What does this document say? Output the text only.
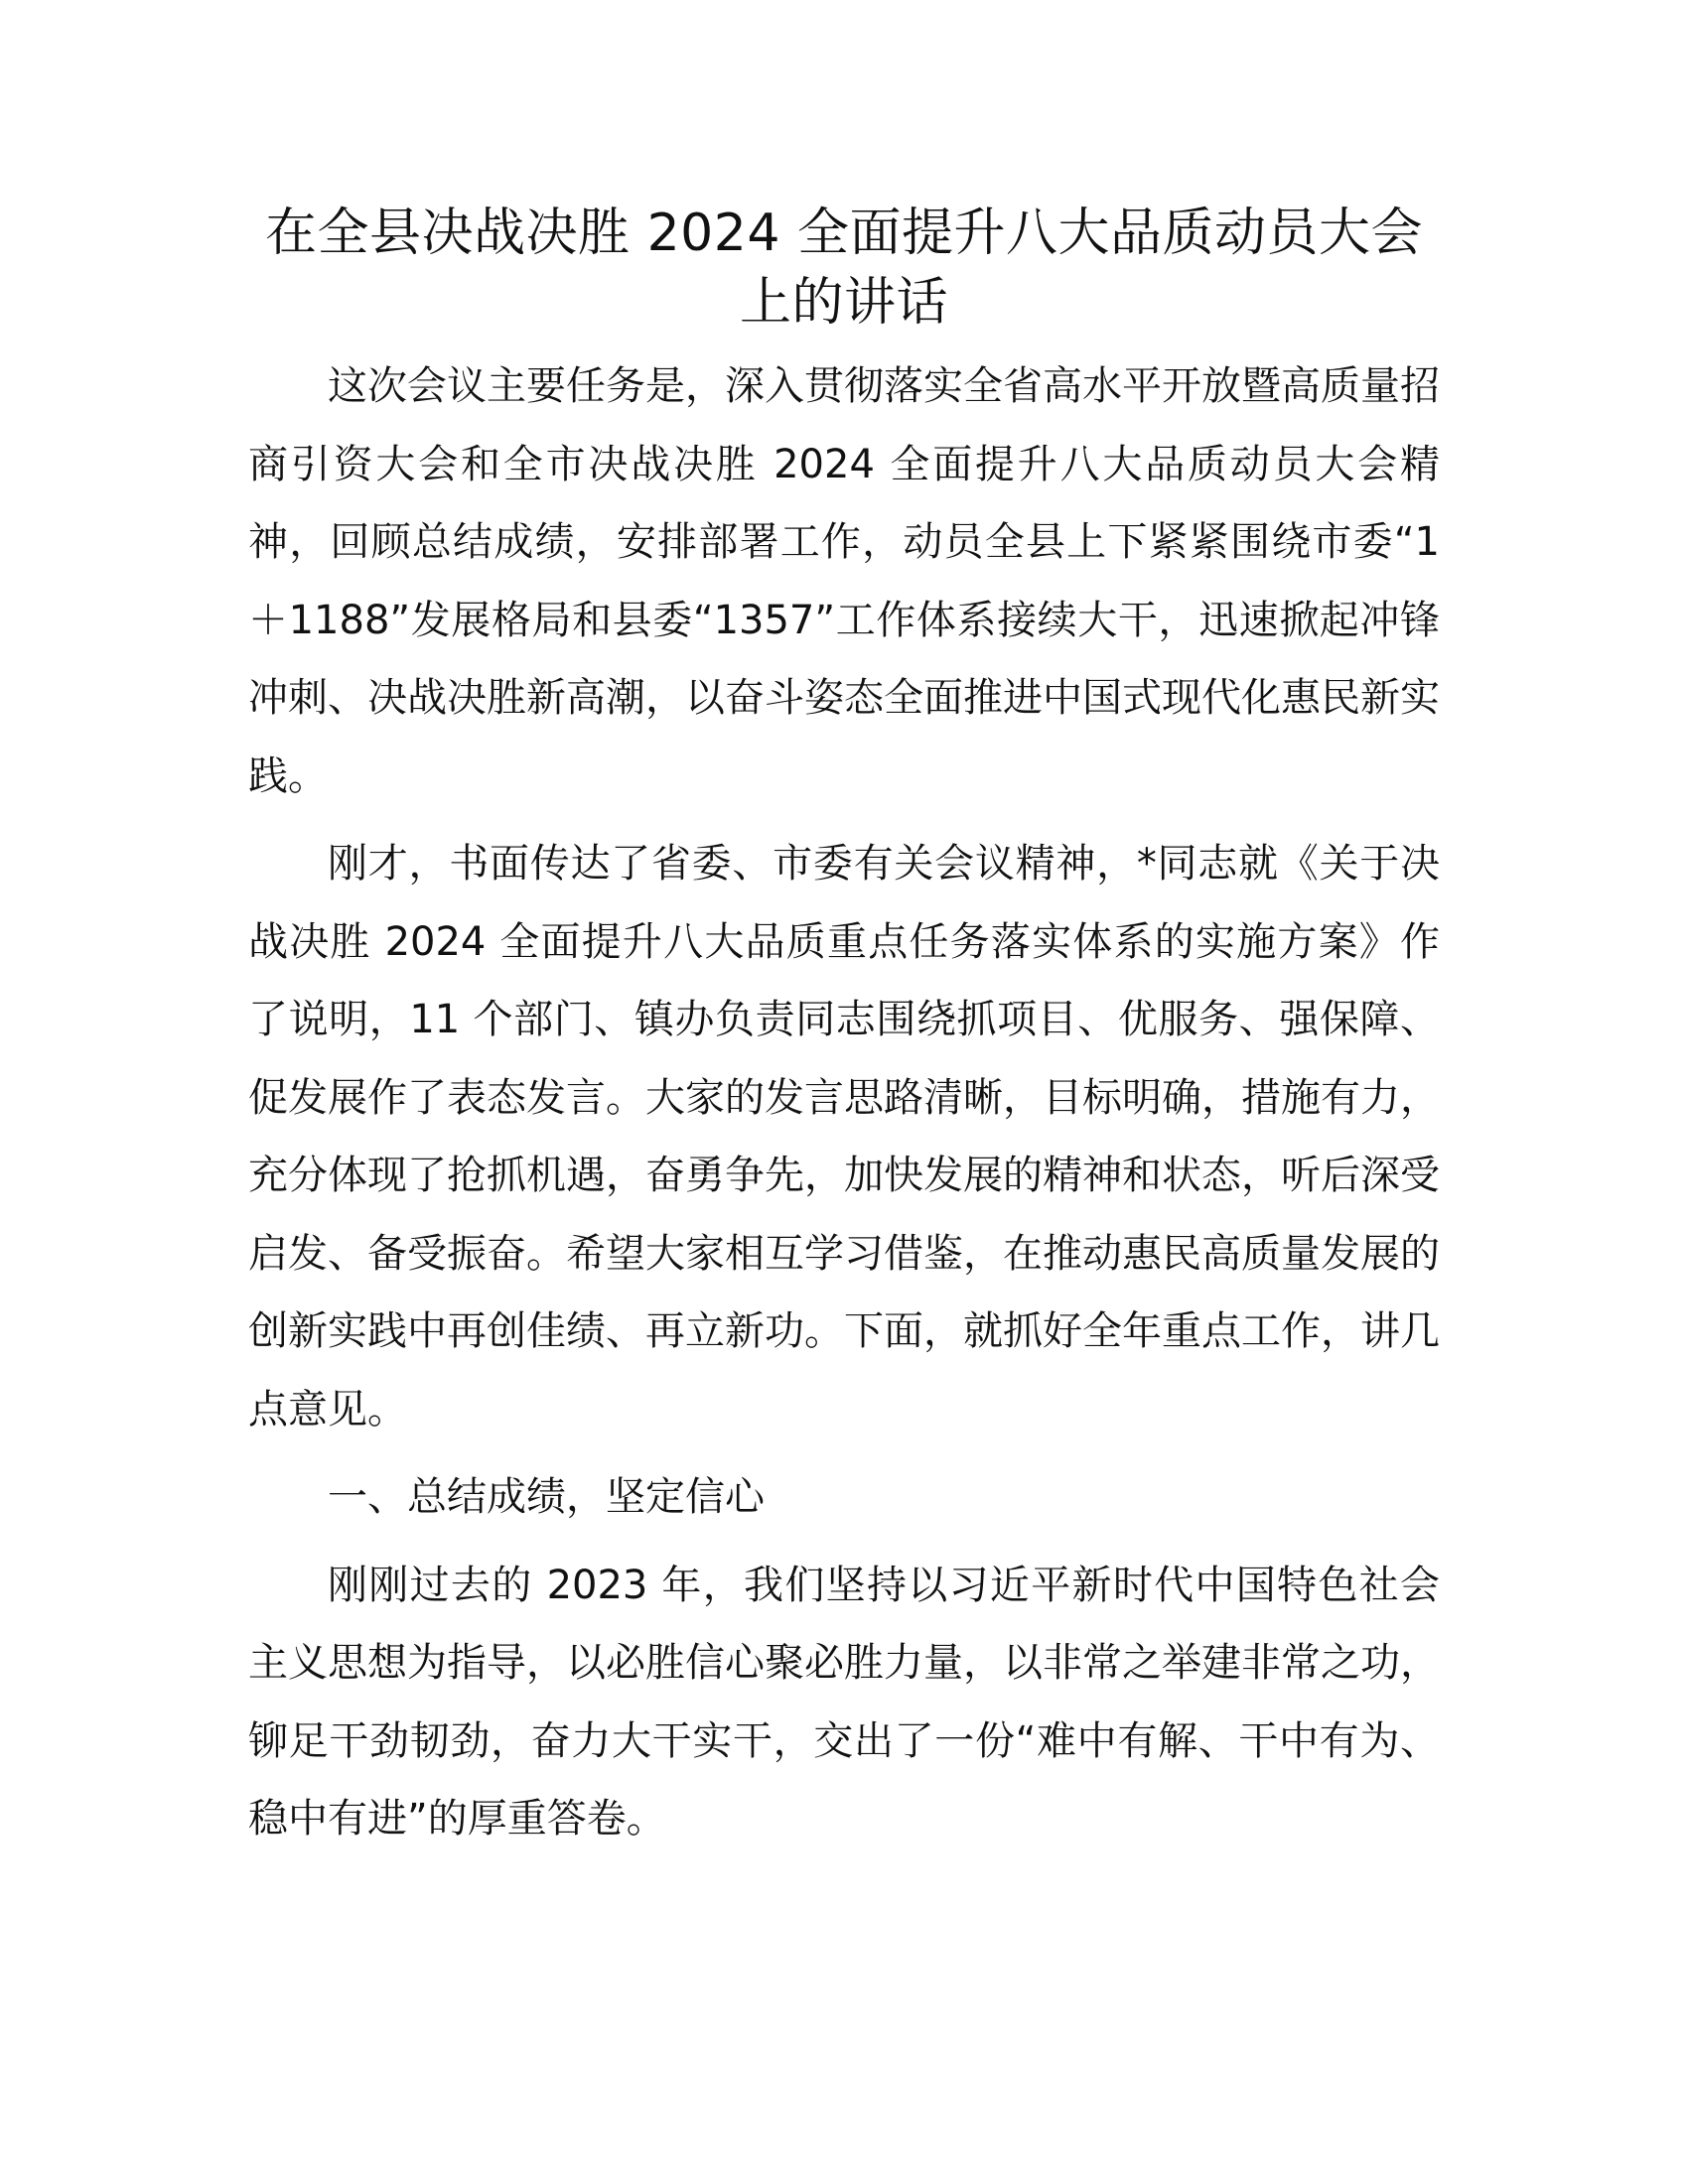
在全县决战决胜 2024 全面提升八大品质动员大会上的讲话

这次会议主要任务是，深入贯彻落实全省高水平开放暨高质量招商引资大会和全市决战决胜 2024 全面提升八大品质动员大会精神，回顾总结成绩，安排部署工作，动员全县上下紧紧围绕市委“1＋1188”发展格局和县委“1357”工作体系接续大干，迅速掀起冲锋冲刺、决战决胜新高潮，以奋斗姿态全面推进中国式现代化惠民新实践。

刚才，书面传达了省委、市委有关会议精神，*同志就《关于决战决胜 2024 全面提升八大品质重点任务落实体系的实施方案》作了说明，11 个部门、镇办负责同志围绕抓项目、优服务、强保障、促发展作了表态发言。大家的发言思路清晰，目标明确，措施有力，充分体现了抢抓机遇，奋勇争先，加快发展的精神和状态，听后深受启发、备受振奋。希望大家相互学习借鉴，在推动惠民高质量发展的创新实践中再创佳绩、再立新功。下面，就抓好全年重点工作，讲几点意见。

一、总结成绩，坚定信心

刚刚过去的 2023 年，我们坚持以习近平新时代中国特色社会主义思想为指导，以必胜信心聚必胜力量，以非常之举建非常之功，铆足干劲韧劲，奋力大干实干，交出了一份“难中有解、干中有为、稳中有进”的厚重答卷。
